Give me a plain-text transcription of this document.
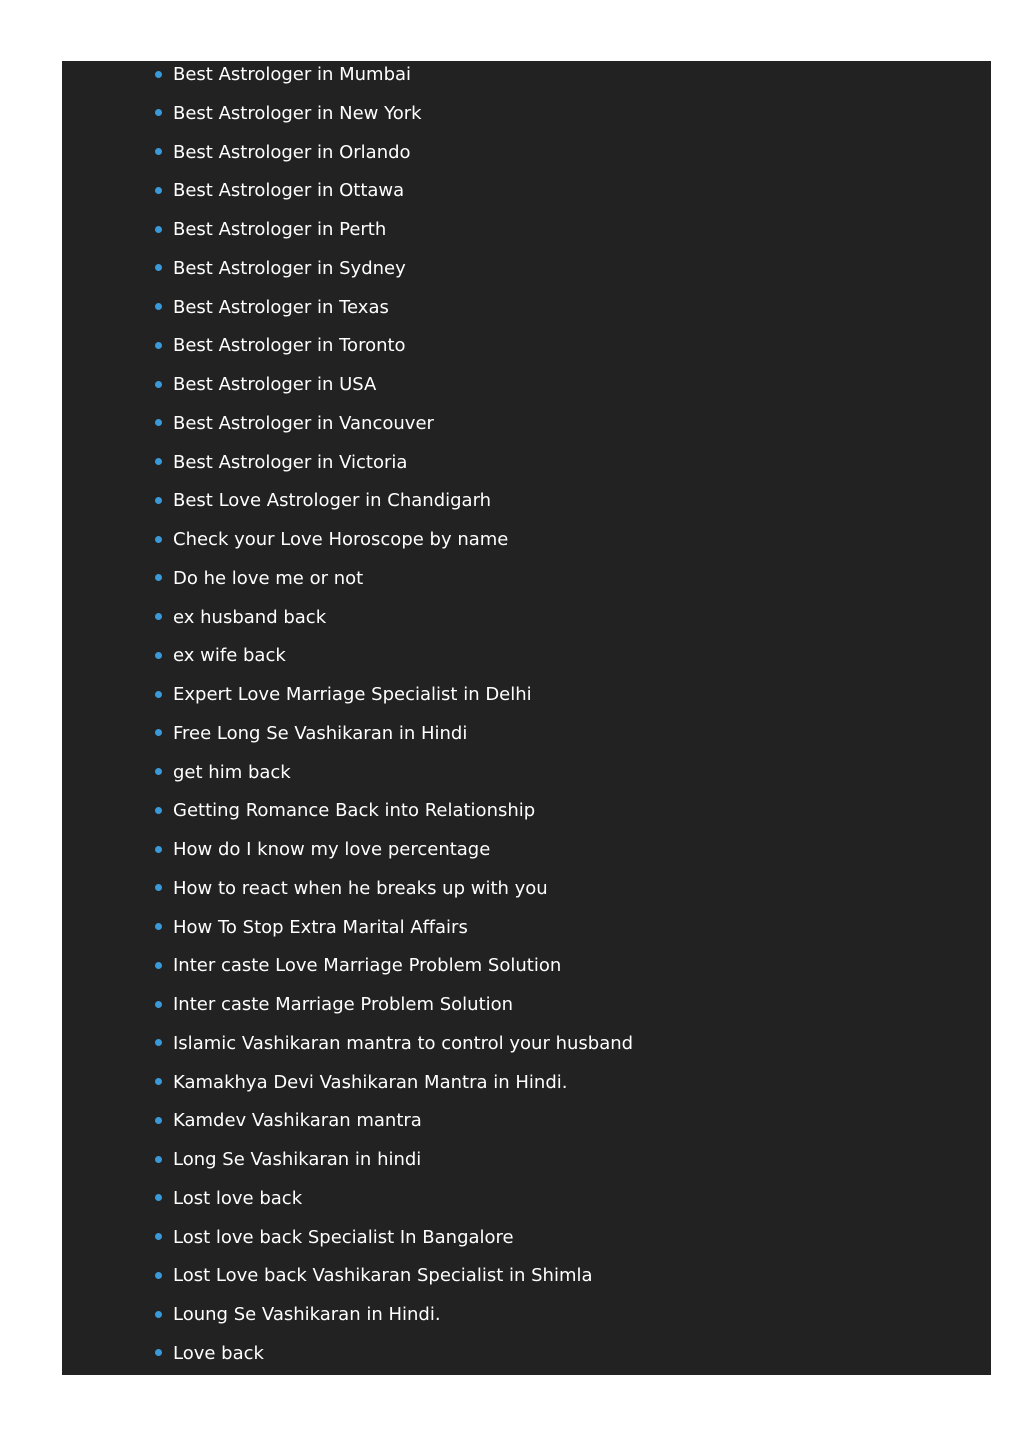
Best Astrologer in Mumbai
Best Astrologer in New York
Best Astrologer in Orlando
Best Astrologer in Ottawa
Best Astrologer in Perth
Best Astrologer in Sydney
Best Astrologer in Texas
Best Astrologer in Toronto
Best Astrologer in USA
Best Astrologer in Vancouver
Best Astrologer in Victoria
Best Love Astrologer in Chandigarh
Check your Love Horoscope by name
Do he love me or not
ex husband back
ex wife back
Expert Love Marriage Specialist in Delhi
Free Long Se Vashikaran in Hindi
get him back
Getting Romance Back into Relationship
How do I know my love percentage
How to react when he breaks up with you
How To Stop Extra Marital Affairs
Inter caste Love Marriage Problem Solution
Inter caste Marriage Problem Solution
Islamic Vashikaran mantra to control your husband
Kamakhya Devi Vashikaran Mantra in Hindi.
Kamdev Vashikaran mantra
Long Se Vashikaran in hindi
Lost love back
Lost love back Specialist In Bangalore
Lost Love back Vashikaran Specialist in Shimla
Loung Se Vashikaran in Hindi.
Love back
